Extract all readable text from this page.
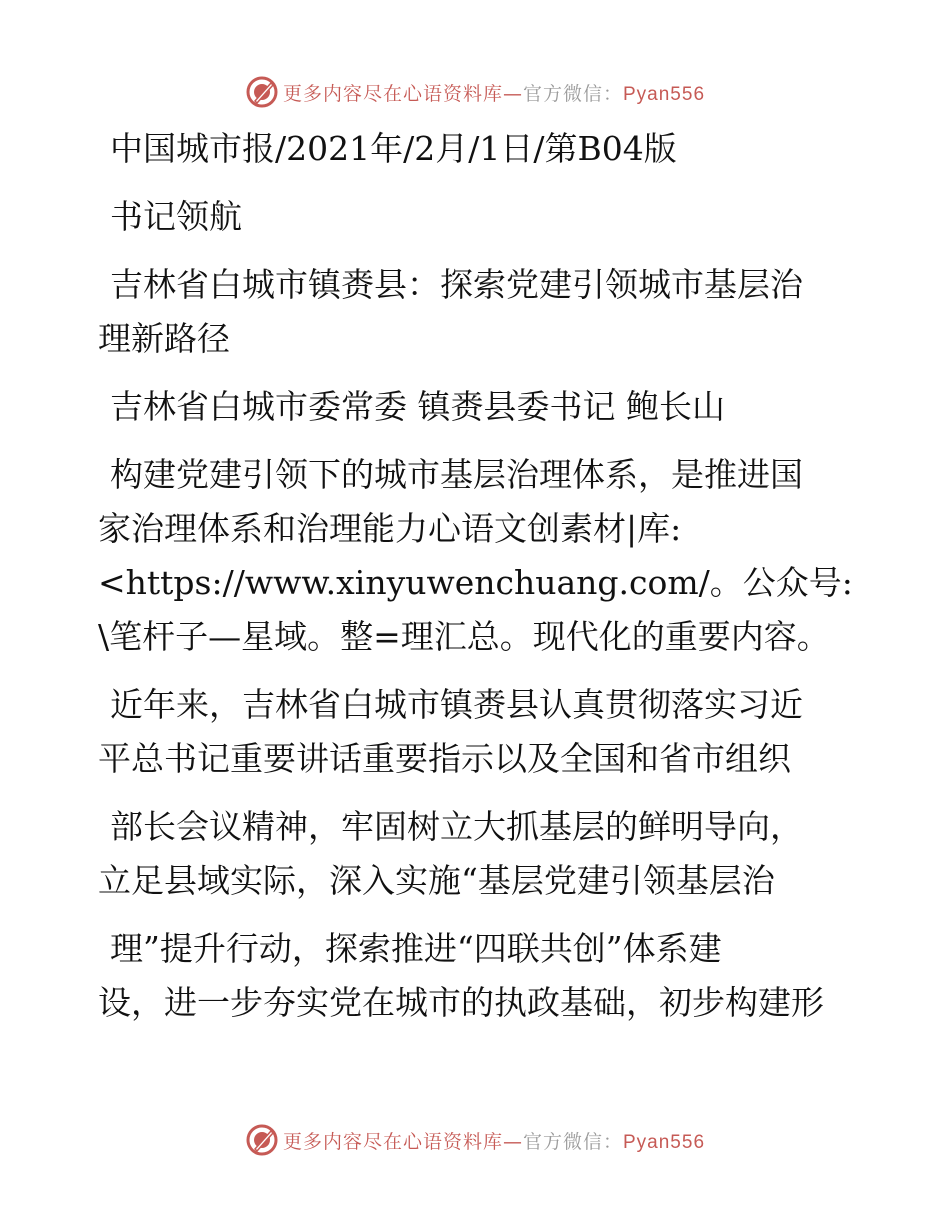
更多内容尽在心语资料库—官方微信：Pyan556
中国城市报/2021年/2月/1日/第B04版
书记领航
吉林省白城市镇赉县：探索党建引领城市基层治
理新路径
吉林省白城市委常委 镇赉县委书记 鲍长山
构建党建引领下的城市基层治理体系，是推进国
家治理体系和治理能力心语文创素材|库:
<https://www.xinyuwenchuang.com/。公众号:
\笔杆子—星域。整=理汇总。现代化的重要内容。
近年来，吉林省白城市镇赉县认真贯彻落实习近
平总书记重要讲话重要指示以及全国和省市组织
部长会议精神，牢固树立大抓基层的鲜明导向，
立足县域实际，深入实施“基层党建引领基层治
理”提升行动，探索推进“四联共创”体系建
设，进一步夯实党在城市的执政基础，初步构建形
更多内容尽在心语资料库—官方微信：Pyan556
